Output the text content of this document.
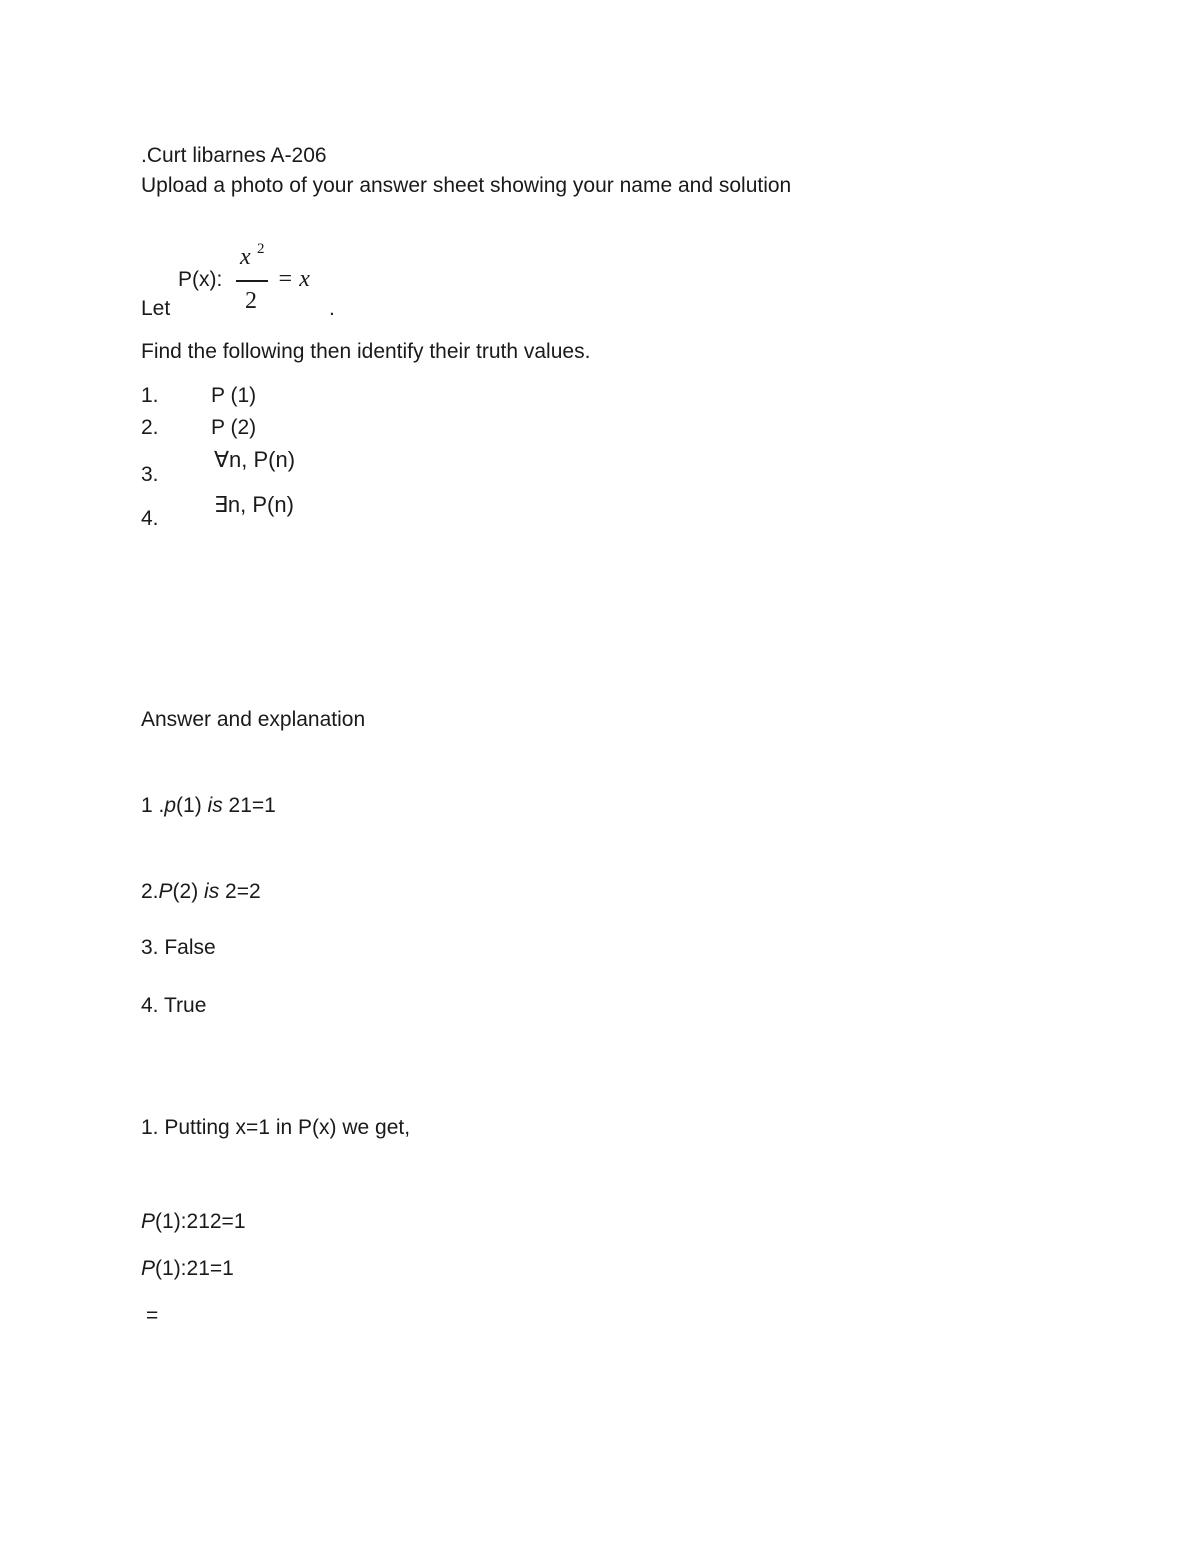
.Curt libarnes A-206
Upload a photo of your answer sheet showing your name and solution
Let
P(x):
x 2
2
= x
.
Find the following then identify their truth values.
1. P (1)
2. P (2)
3.
∀n, P(n)
4.
∃n, P(n)
Answer and explanation
1 .p(1) is 21=1
2.P(2) is 2=2
3. False
4. True
1. Putting x=1 in P(x) we get,
P(1):212=1
P(1):21=1
=
